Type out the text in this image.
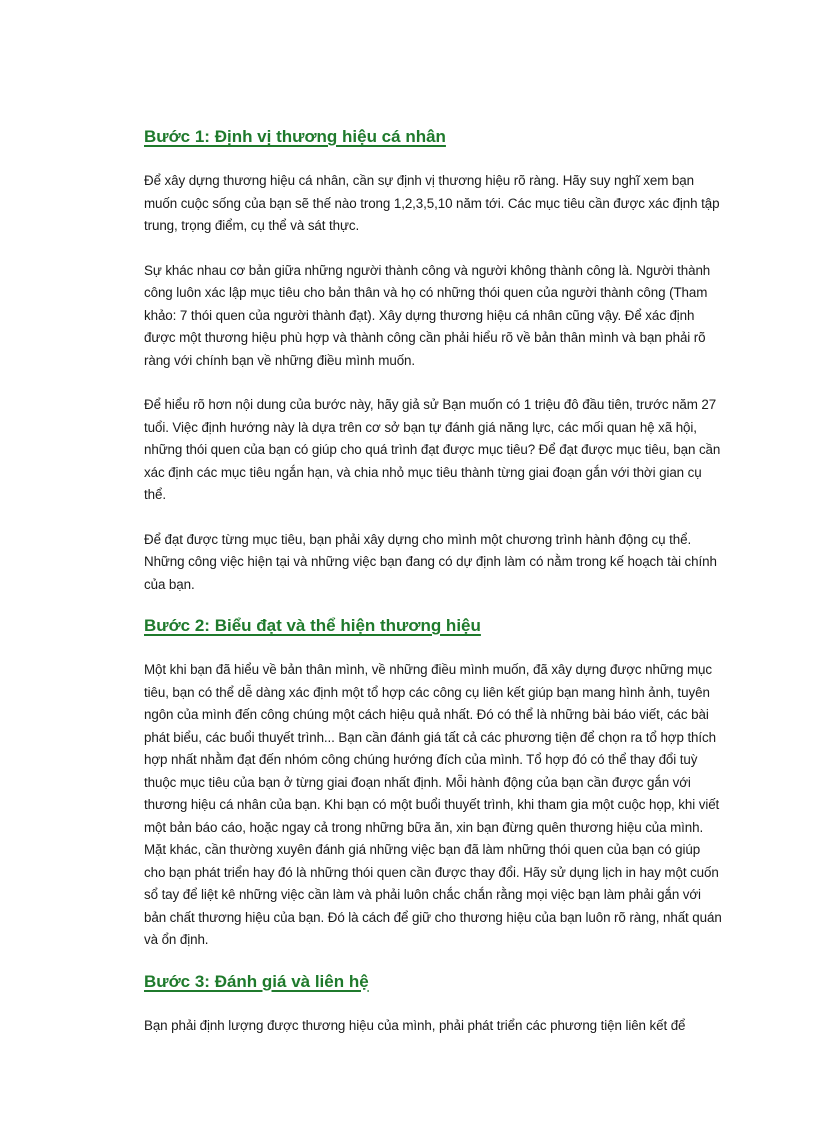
Bước 1: Định vị thương hiệu cá nhân

Để xây dựng thương hiệu cá nhân, cần sự định vị thương hiệu rõ ràng. Hãy suy nghĩ xem bạn muốn cuộc sống của bạn sẽ thế nào trong 1,2,3,5,10 năm tới. Các mục tiêu cần được xác định tập trung, trọng điểm, cụ thể và sát thực.

Sự khác nhau cơ bản giữa những người thành công và người không thành công là. Người thành công luôn xác lập mục tiêu cho bản thân và họ có những thói quen của người thành công (Tham khảo: 7 thói quen của người thành đạt). Xây dựng thương hiệu cá nhân cũng vậy. Để xác định được một thương hiệu phù hợp và thành công cần phải hiểu rõ về bản thân mình và bạn phải rõ ràng với chính bạn về những điều mình muốn.

Để hiểu rõ hơn nội dung của bước này, hãy giả sử Bạn muốn có 1 triệu đô đầu tiên, trước năm 27 tuổi. Việc định hướng này là dựa trên cơ sở bạn tự đánh giá năng lực, các mối quan hệ xã hội, những thói quen của bạn có giúp cho quá trình đạt được mục tiêu? Để đạt được mục tiêu, bạn cần xác định các mục tiêu ngắn hạn, và chia nhỏ mục tiêu thành từng giai đoạn gắn với thời gian cụ thể.

Để đạt được từng mục tiêu, bạn phải xây dựng cho mình một chương trình hành động cụ thể. Những công việc hiện tại và những việc bạn đang có dự định làm có nằm trong kế hoạch tài chính của bạn.

Bước 2: Biểu đạt và thể hiện thương hiệu

Một khi bạn đã hiểu về bản thân mình, về những điều mình muốn, đã xây dựng được những mục tiêu, bạn có thể dễ dàng xác định một tổ hợp các công cụ liên kết giúp bạn mang hình ảnh, tuyên ngôn của mình đến công chúng một cách hiệu quả nhất. Đó có thể là những bài báo viết, các bài phát biểu, các buổi thuyết trình... Bạn cần đánh giá tất cả các phương tiện để chọn ra tổ hợp thích hợp nhất nhằm đạt đến nhóm công chúng hướng đích của mình. Tổ hợp đó có thể thay đổi tuỳ thuộc mục tiêu của bạn ở từng giai đoạn nhất định. Mỗi hành động của bạn cần được gắn với thương hiệu cá nhân của bạn. Khi bạn có một buổi thuyết trình, khi tham gia một cuộc họp, khi viết một bản báo cáo, hoặc ngay cả trong những bữa ăn, xin bạn đừng quên thương hiệu của mình. Mặt khác, cần thường xuyên đánh giá những việc bạn đã làm những thói quen của bạn có giúp cho bạn phát triển hay đó là những thói quen cần được thay đổi. Hãy sử dụng lịch in hay một cuốn sổ tay để liệt kê những việc cần làm và phải luôn chắc chắn rằng mọi việc bạn làm phải gắn với bản chất thương hiệu của bạn. Đó là cách để giữ cho thương hiệu của bạn luôn rõ ràng, nhất quán và ổn định.

Bước 3: Đánh giá và liên hệ

Bạn phải định lượng được thương hiệu của mình, phải phát triển các phương tiện liên kết để
